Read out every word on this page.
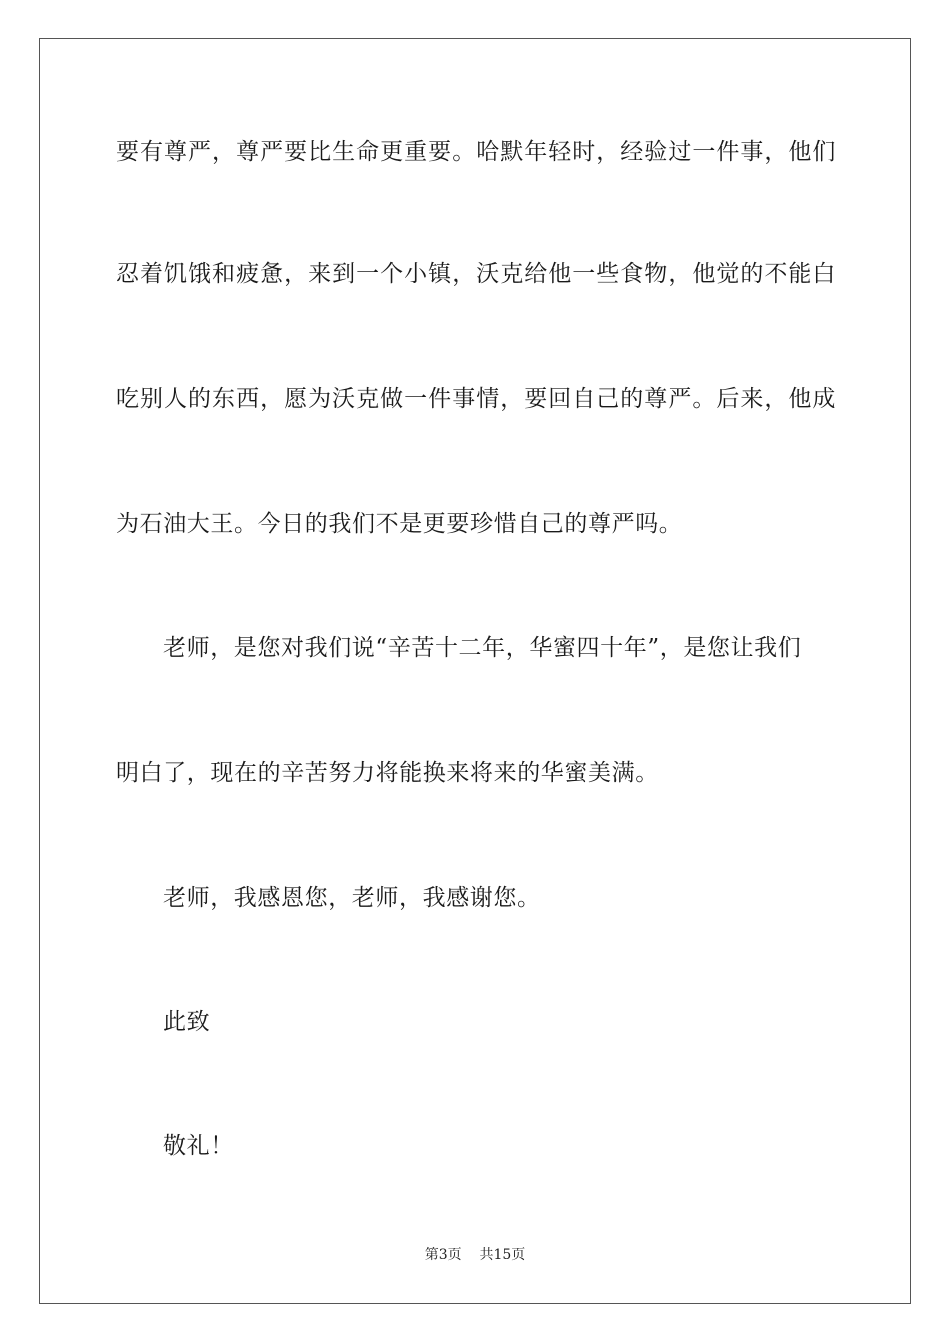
要有尊严，尊严要比生命更重要。哈默年轻时，经验过一件事，他们
忍着饥饿和疲惫，来到一个小镇，沃克给他一些食物，他觉的不能白
吃别人的东西，愿为沃克做一件事情，要回自己的尊严。后来，他成
为石油大王。今日的我们不是更要珍惜自己的尊严吗。
老师，是您对我们说“辛苦十二年，华蜜四十年”，是您让我们
明白了，现在的辛苦努力将能换来将来的华蜜美满。
老师，我感恩您，老师，我感谢您。
此致
敬礼！
第3页 共15页
